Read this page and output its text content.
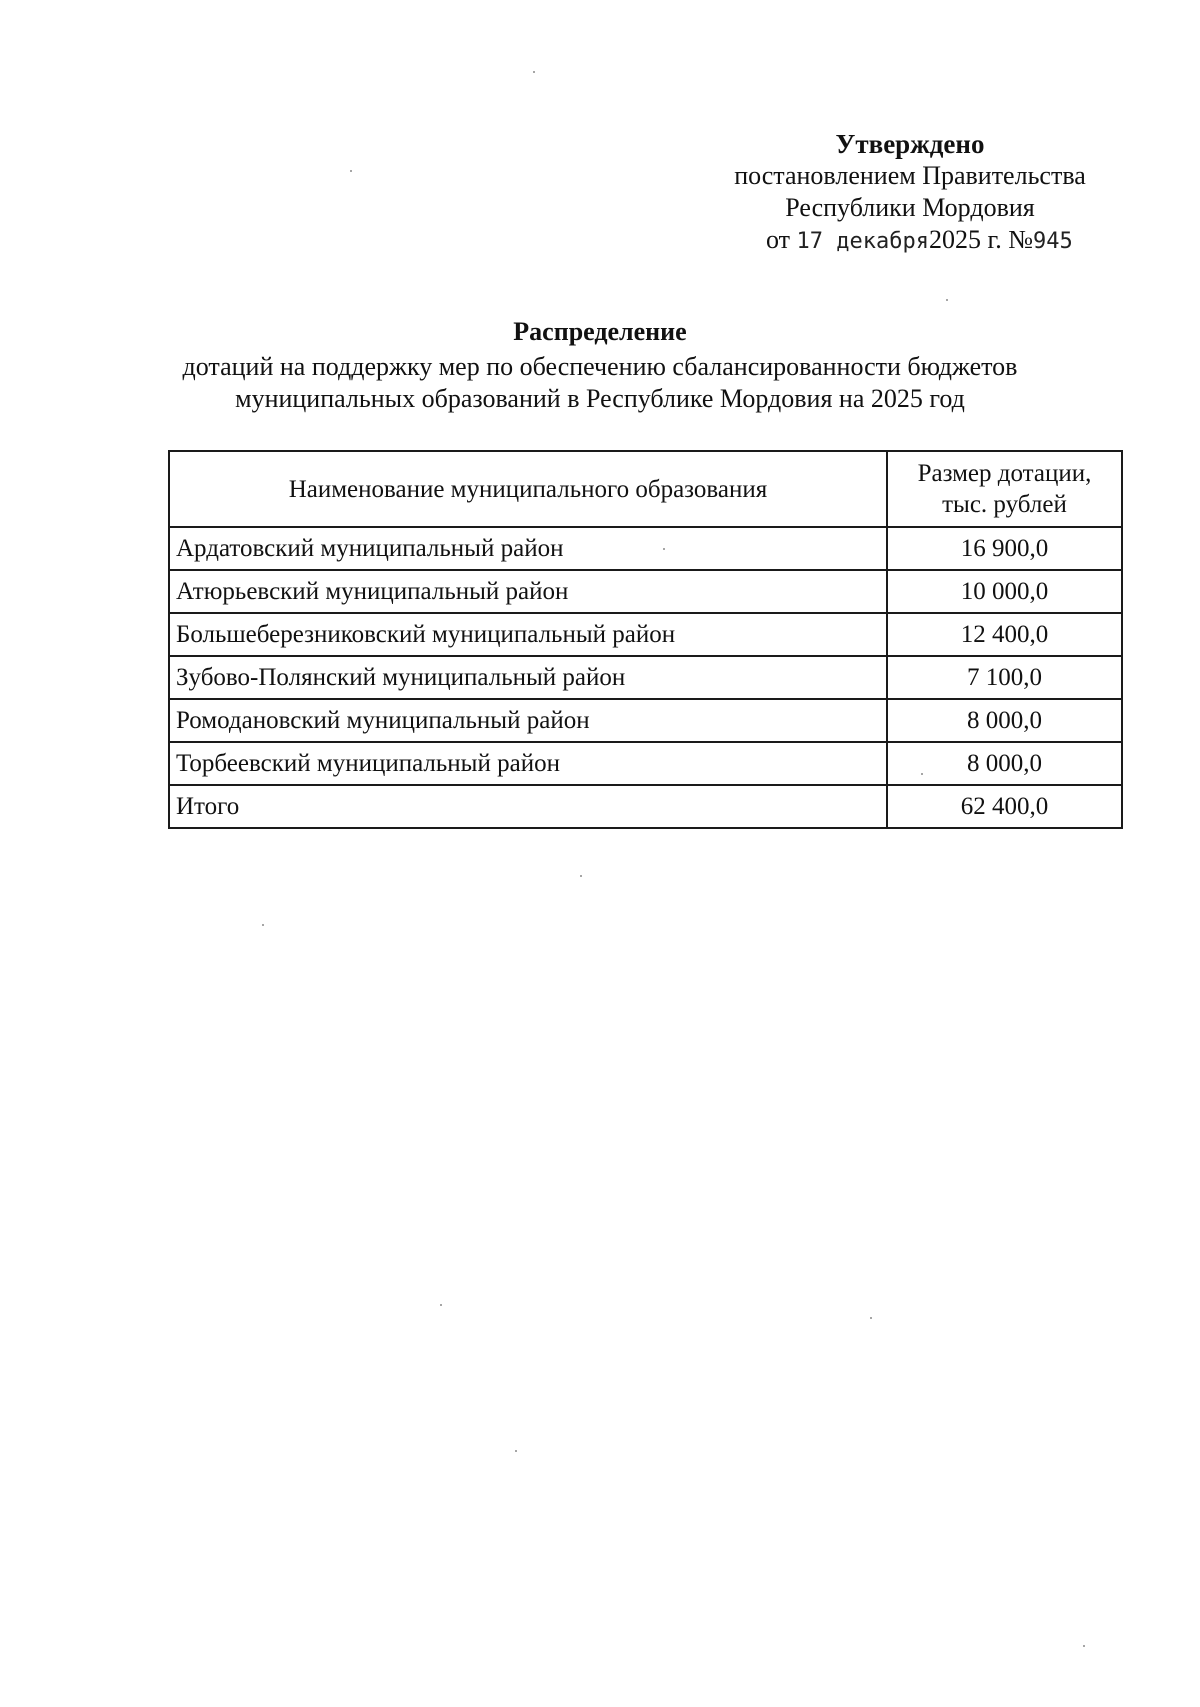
Утверждено
постановлением Правительства
Республики Мордовия
от 17 декабря2025 г. №945
Распределение
дотаций на поддержку мер по обеспечению сбалансированности бюджетов
муниципальных образований в Республике Мордовия на 2025 год
Наименование муниципального образования	Размер дотации,
тыс. рублей

Ардатовский муниципальный район	16 900,0
Атюрьевский муниципальный район	10 000,0
Большеберезниковский муниципальный район	12 400,0
Зубово-Полянский муниципальный район	7 100,0
Ромодановский муниципальный район	8 000,0
Торбеевский муниципальный район	8 000,0
Итого	62 400,0
